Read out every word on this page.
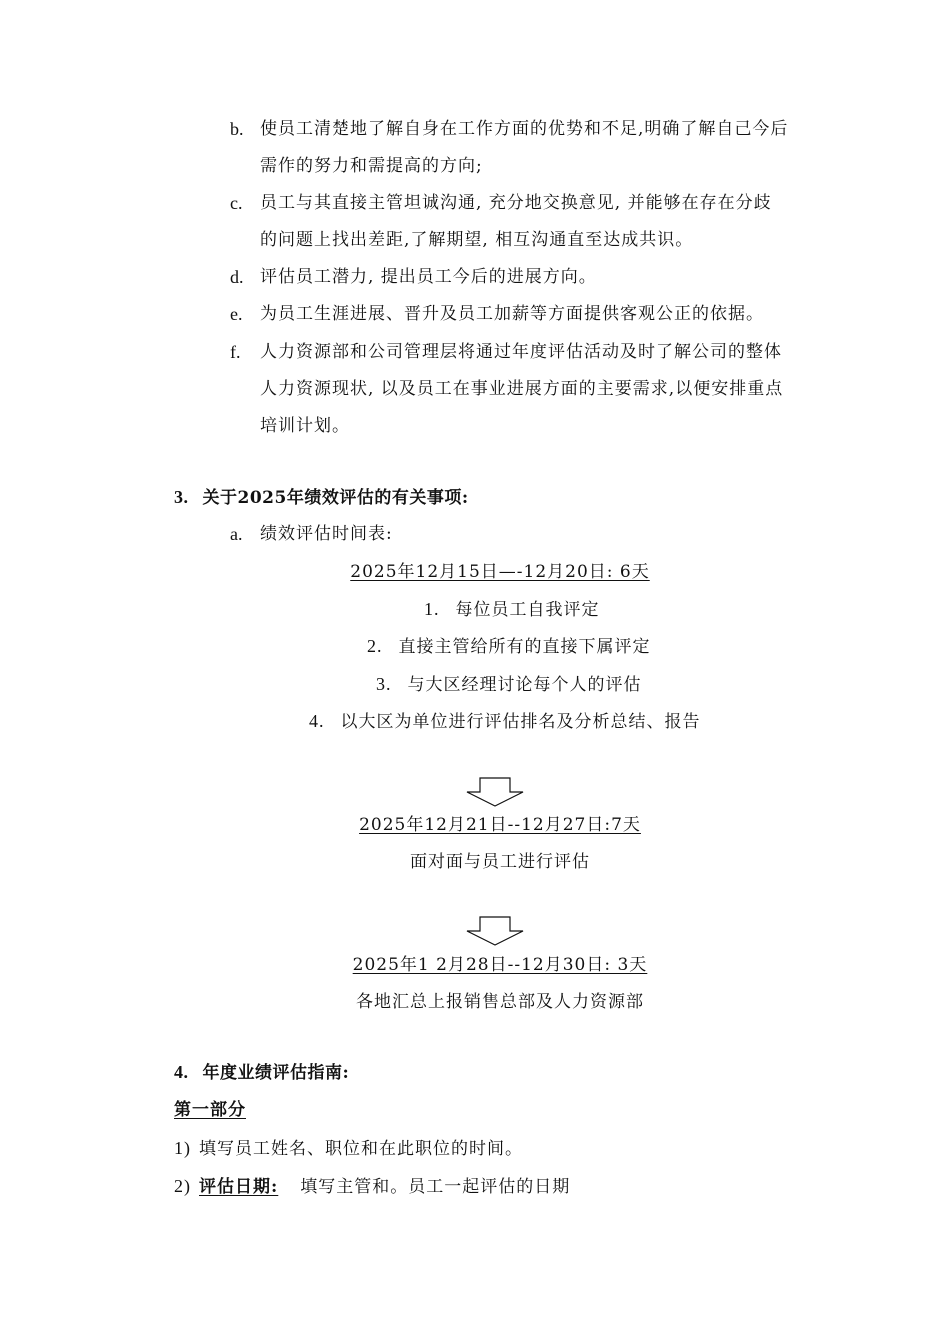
b. 使员工清楚地了解自身在工作方面的优势和不足,明确了解自己今后
需作的努力和需提高的方向;
c. 员工与其直接主管坦诚沟通, 充分地交换意见, 并能够在存在分歧
的问题上找出差距,了解期望, 相互沟通直至达成共识。
d. 评估员工潜力, 提出员工今后的进展方向。
e. 为员工生涯进展、晋升及员工加薪等方面提供客观公正的依据。
f. 人力资源部和公司管理层将通过年度评估活动及时了解公司的整体
人力资源现状, 以及员工在事业进展方面的主要需求,以便安排重点
培训计划。
3. 关于2025年绩效评估的有关事项:
a. 绩效评估时间表:
2025年12月15日—-12月20日: 6天
1. 每位员工自我评定
2. 直接主管给所有的直接下属评定
3. 与大区经理讨论每个人的评估
4. 以大区为单位进行评估排名及分析总结、报告
2025年12月21日--12月27日:7天
面对面与员工进行评估
2025年1 2月28日--12月30日: 3天
各地汇总上报销售总部及人力资源部
4. 年度业绩评估指南:
第一部分
1) 填写员工姓名、职位和在此职位的时间。
2) 评估日期: 填写主管和。员工一起评估的日期
